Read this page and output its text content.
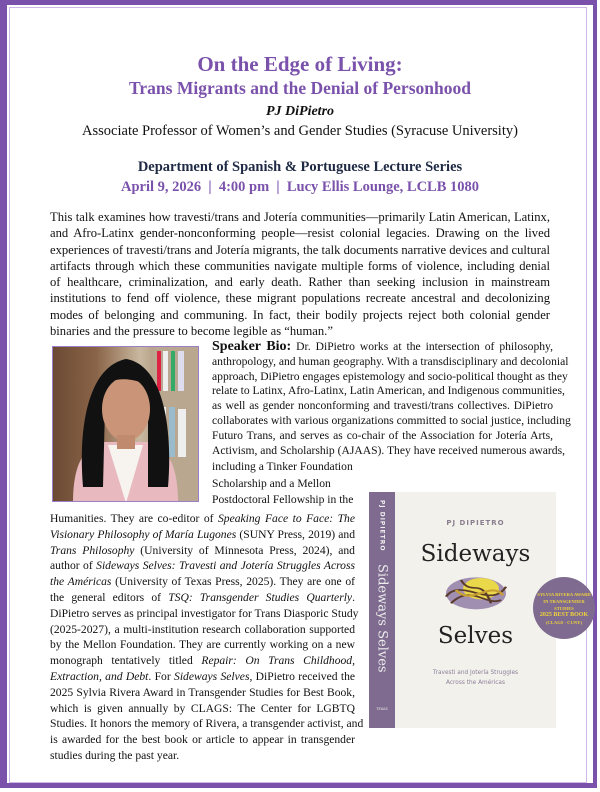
On the Edge of Living:
Trans Migrants and the Denial of Personhood
PJ DiPietro
Associate Professor of Women’s and Gender Studies (Syracuse University)
Department of Spanish & Portuguese Lecture Series
April 9, 2026  |  4:00 pm  |  Lucy Ellis Lounge, LCLB 1080
This talk examines how travesti/trans and Jotería communities—primarily Latin American, Latinx,
and Afro-Latinx gender-nonconforming people—resist colonial legacies. Drawing on the lived
experiences of travesti/trans and Jotería migrants, the talk documents narrative devices and cultural
artifacts through which these communities navigate multiple forms of violence, including denial
of healthcare, criminalization, and early death. Rather than seeking inclusion in mainstream
institutions to fend off violence, these migrant populations recreate ancestral and decolonizing
modes of belonging and communing. In fact, their bodily projects reject both colonial gender
binaries and the pressure to become legible as “human.”
Speaker Bio: Dr. DiPietro works at the intersection of philosophy,
anthropology, and human geography. With a transdisciplinary and decolonial
approach, DiPietro engages epistemology and socio-political thought as they
relate to Latinx, Afro-Latinx, Latin American, and Indigenous communities,
as well as gender nonconforming and travesti/trans collectives. DiPietro
collaborates with various organizations committed to social justice, including
Futuro Trans, and serves as co-chair of the Association for Jotería Arts,
Activism, and Scholarship (AJAAS). They have received numerous awards,
including a Tinker Foundation
Scholarship and a Mellon
Postdoctoral Fellowship in the
Humanities. They are co-editor of Speaking Face to Face: The
Visionary Philosophy of María Lugones (SUNY Press, 2019) and
Trans Philosophy (University of Minnesota Press, 2024), and
author of Sideways Selves: Travesti and Jotería Struggles Across
the Américas (University of Texas Press, 2025). They are one of
the general editors of TSQ: Transgender Studies Quarterly.
DiPietro serves as principal investigator for Trans Diasporic Study
(2025-2027), a multi-institution research collaboration supported
by the Mellon Foundation. They are currently working on a new
monograph tentatively titled Repair: On Trans Childhood,
Extraction, and Debt. For Sideways Selves, DiPietro received the
2025 Sylvia Rivera Award in Transgender Studies for Best Book,
which is given annually by CLAGS: The Center for LGBTQ
Studies. It honors the memory of Rivera, a transgender activist, and
is awarded for the best book or article to appear in transgender
studies during the past year.
PJ DIPIETRO
Sideways Selves
TEXAS
PJ DIPIETRO
Sideways
Selves
Travesti and Jotería Struggles
Across the Américas
SYLVIA RIVERA AWARD
IN TRANSGENDER STUDIES
2025 BEST BOOK
(CLAGS - CUNY)
